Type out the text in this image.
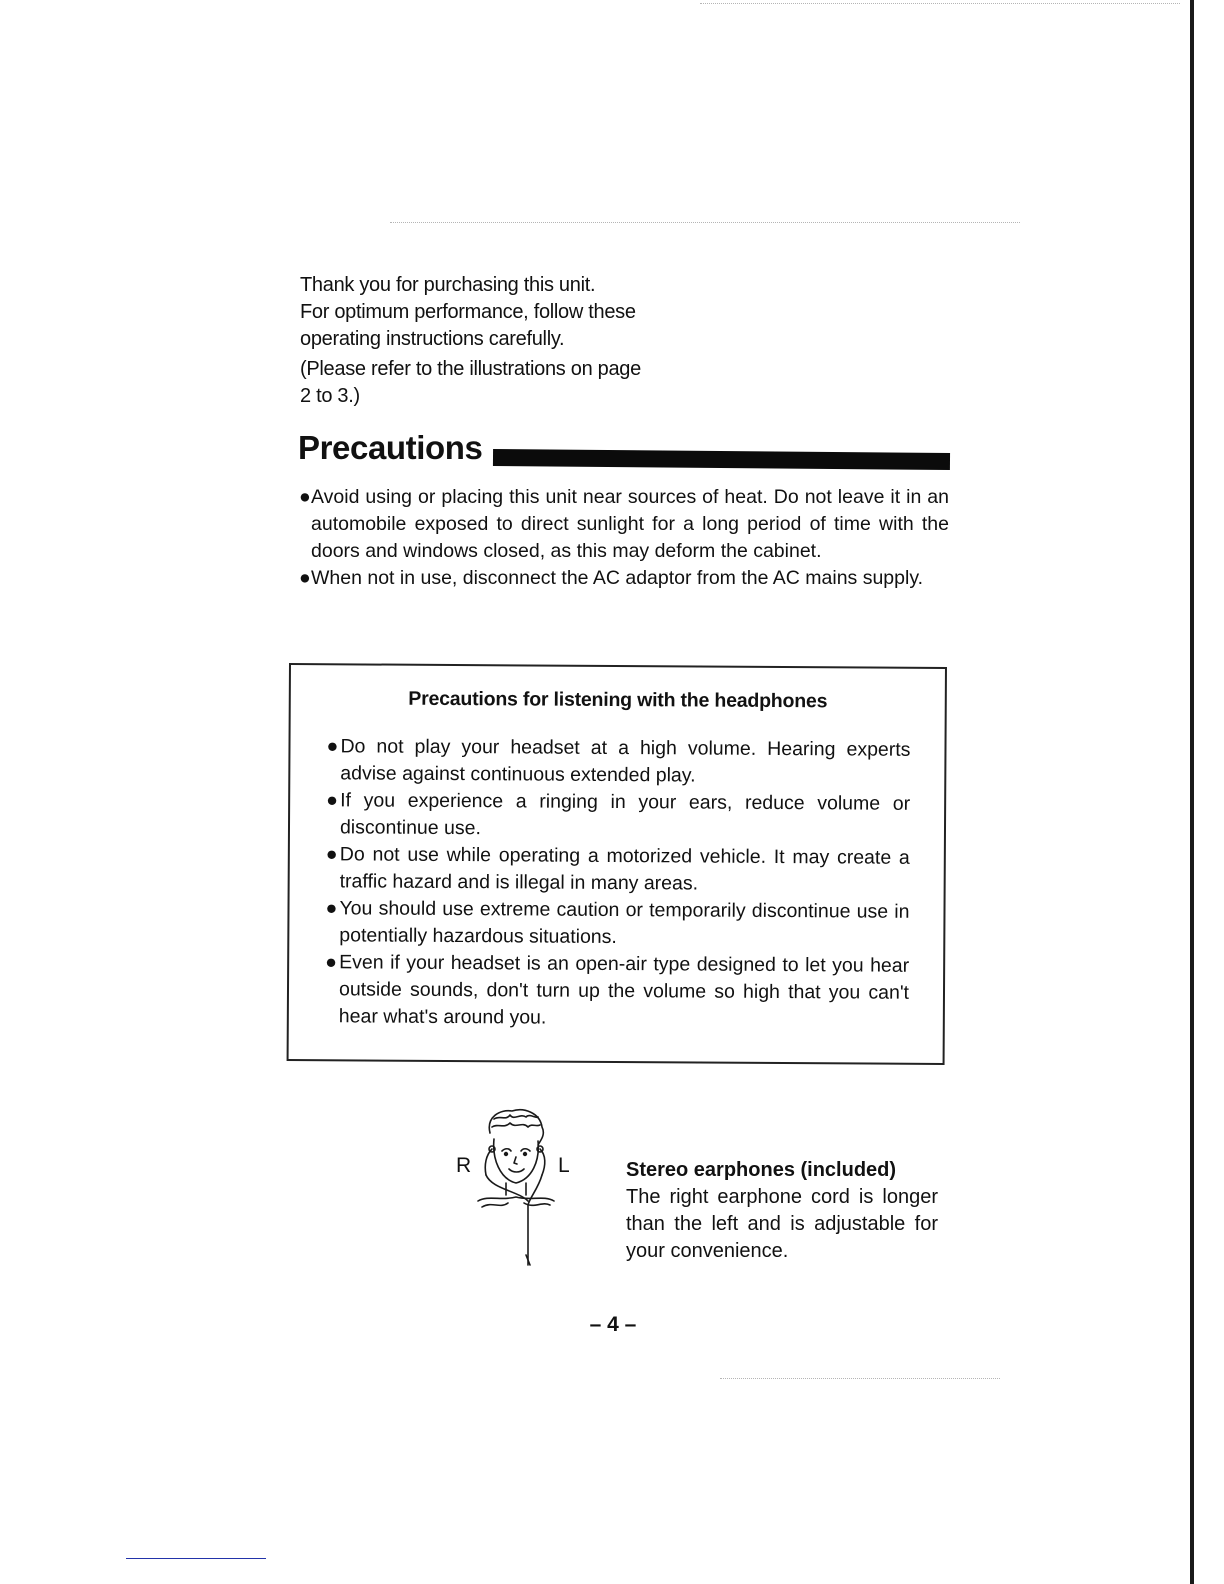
Thank you for purchasing this unit.

For optimum performance, follow these

operating instructions carefully.

(Please refer to the illustrations on page

2 to 3.)

Precautions
● Avoid using or placing this unit near sources of heat. Do not leave it in an automobile exposed to direct sunlight for a long period of time with the doors and windows closed, as this may deform the cabinet.
● When not in use, disconnect the AC adaptor from the AC mains supply.
Precautions for listening with the headphones
● Do not play your headset at a high volume. Hearing experts advise against continuous extended play.
● If you experience a ringing in your ears, reduce volume or discontinue use.
● Do not use while operating a motorized vehicle. It may create a traffic hazard and is illegal in many areas.
● You should use extreme caution or temporarily discontinue use in potentially hazardous situations.
● Even if your headset is an open-air type designed to let you hear outside sounds, don't turn up the volume so high that you can't hear what's around you.
R	L	Stereo earphones (included)
The right earphone cord is longer than the left and is adjustable for your convenience.
– 4 –
